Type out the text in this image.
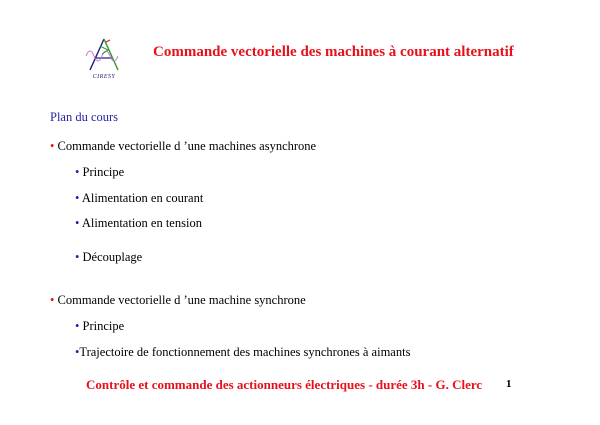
CIRESY
Commande vectorielle des machines à courant alternatif
Plan du cours
• Commande vectorielle d ’une machines asynchrone
• Principe
• Alimentation en courant
• Alimentation en tension
• Découplage
• Commande vectorielle d ’une machine synchrone
• Principe
•Trajectoire de fonctionnement des machines synchrones à aimants
Contrôle et commande des actionneurs électriques - durée 3h - G. Clerc 1
